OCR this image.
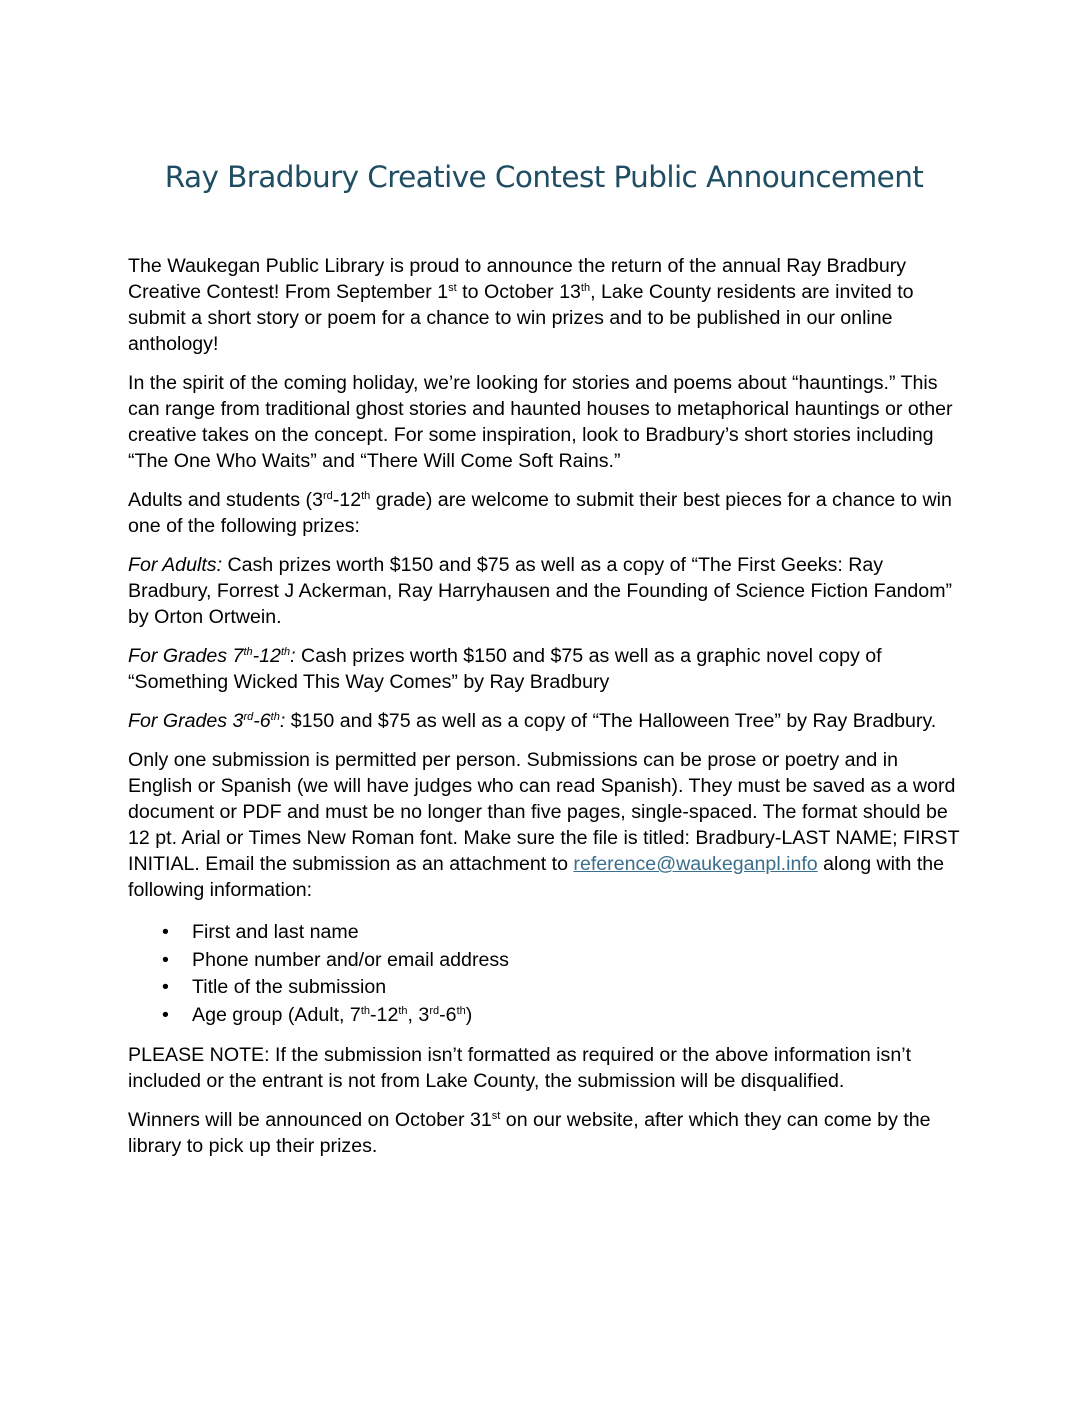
Ray Bradbury Creative Contest Public Announcement

The Waukegan Public Library is proud to announce the return of the annual Ray Bradbury Creative Contest! From September 1st to October 13th, Lake County residents are invited to submit a short story or poem for a chance to win prizes and to be published in our online anthology!

In the spirit of the coming holiday, we’re looking for stories and poems about “hauntings.” This can range from traditional ghost stories and haunted houses to metaphorical hauntings or other creative takes on the concept. For some inspiration, look to Bradbury’s short stories including “The One Who Waits” and “There Will Come Soft Rains.”

Adults and students (3rd-12th grade) are welcome to submit their best pieces for a chance to win one of the following prizes:

For Adults: Cash prizes worth $150 and $75 as well as a copy of “The First Geeks: Ray Bradbury, Forrest J Ackerman, Ray Harryhausen and the Founding of Science Fiction Fandom” by Orton Ortwein.

For Grades 7th-12th: Cash prizes worth $150 and $75 as well as a graphic novel copy of “Something Wicked This Way Comes” by Ray Bradbury

For Grades 3rd-6th: $150 and $75 as well as a copy of “The Halloween Tree” by Ray Bradbury.

Only one submission is permitted per person. Submissions can be prose or poetry and in English or Spanish (we will have judges who can read Spanish). They must be saved as a word document or PDF and must be no longer than five pages, single-spaced. The format should be 12 pt. Arial or Times New Roman font. Make sure the file is titled: Bradbury-LAST NAME; FIRST INITIAL. Email the submission as an attachment to reference@waukeganpl.info along with the following information:

• First and last name
• Phone number and/or email address
• Title of the submission
• Age group (Adult, 7th-12th, 3rd-6th)

PLEASE NOTE: If the submission isn’t formatted as required or the above information isn’t included or the entrant is not from Lake County, the submission will be disqualified.

Winners will be announced on October 31st on our website, after which they can come by the library to pick up their prizes.
